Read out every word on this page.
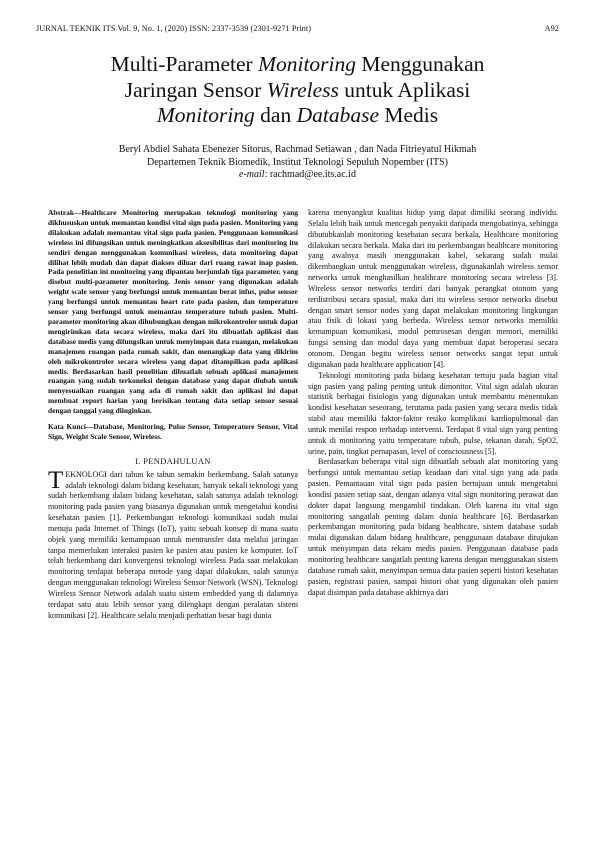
JURNAL TEKNIK ITS Vol. 9, No. 1, (2020) ISSN: 2337-3539 (2301-9271 Print)	A92
Multi-Parameter Monitoring Menggunakan
Jaringan Sensor Wireless untuk Aplikasi
Monitoring dan Database Medis
Beryl Abdiel Sahata Ebenezer Sitorus, Rachmad Setiawan , dan Nada Fitrieyatul Hikmah
Departemen Teknik Biomedik, Institut Teknologi Sepuluh Nopember (ITS)
e-mail: rachmad@ee.its.ac.id

Abstrak—Healthcare Monitoring merupakan teknologi monitoring yang dikhususkan untuk memantau kondisi vital sign pada pasien. Monitoring yang dilakukan adalah memantau vital sign pada pasien. Penggunaan komunikasi wireless ini difungsikan untuk meningkatkan aksesibilitas dari monitoring itu sendiri dengan menggunakan komunikasi wireless, data monitoring dapat dilihat lebih mudah dan dapat diakses diluar dari ruang rawat inap pasien. Pada penelitian ini monitoring yang dipantau berjumlah tiga parameter. yang disebut multi-parameter monitoring. Jenis sensor yang digunakan adalah weight scale sensor yang berfungsi untuk memantau berat infus, pulse sensor yang berfungsi untuk memantau heart rate pada pasien, dan temperature sensor yang berfungsi untuk memantau temperature tubuh pasien. Multi-parameter monitoring akan dihubungkan dengan mikrokontroler untuk dapat mengirimkan data secara wireless, maka dari itu dibuatlah aplikasi dan database medis yang difungsikan untuk menyimpan data ruangan, melakukan manajemen ruangan pada rumah sakit, dan menangkap data yang dikirim oleh mikrokontroler secara wireless yang dapat ditampilkan pada aplikasi medis. Berdasarkan hasil penelitian dibuatlah sebuah aplikasi manajemen ruangan yang sudah terkoneksi dengan database yang dapat diubah untuk menyesuaikan ruangan yang ada di rumah sakit dan aplikasi ini dapat membuat report harian yang berisikan tentang data setiap sensor sesuai dengan tanggal yang diinginkan.

Kata Kunci—Database, Monitoring, Pulse Sensor, Temperature Sensor, Vital Sign, Weight Scale Sensor, Wireless.

I. PENDAHULUAN

TEKNOLOGI dari tahun ke tahun semakin berkembang. Salah satunya adalah teknologi dalam bidang kesehatan, banyak sekali teknologi yang sudah berkembang dalam bidang kesehatan, salah satunya adalah teknologi monitoring pada pasien yang biasanya digunakan untuk mengetahui kondisi kesehatan pasien [1]. Perkembangan teknologi komunikasi sudah mulai menuju pada Internet of Things (IoT), yaitu sebuah konsep di mana suatu objek yang memiliki kemampuan untuk mentransfer data melalui jaringan tanpa memerlukan interaksi pasien ke pasien atau pasien ke komputer. IoT telah berkembang dari konvergensi teknologi wireless Pada saat melakukan monitoring terdapat beberapa metode yang dapat dilakukan, salah satunya dengan menggunakan teknologi Wireless Sensor Network (WSN). Teknologi Wireless Sensor Network adalah suatu sistem embedded yang di dalamnya terdapat satu atau lebih sensor yang dilengkapi dengan peralatan sistem komunikasi [2]. Healthcare selalu menjadi perhatian besar bagi dunia

karena menyangkut kualitas hidup yang dapat dimiliki seorang individu. Selalu lebih baik untuk mencegah penyakit daripada mengobatinya, sehingga dibutuhkanlah monitoring kesehatan secara berkala, Healthcare monitoring dilakukan secara berkala. Maka dari itu perkembangan healthcare monitoring yang awalnya masih menggunakan kabel, sekarang sudah mulai dikembangkan untuk menggunakan wireless, digunakanlah wireless sensor networks untuk menghasilkan healthcare monitoring secara wireless [3]. Wireless sensor networks terdiri dari banyak perangkat otonom yang terdistribusi secara spasial, maka dari itu wireless sensor networks disebut dengan smart sensor nodes yang dapat melakukan monitoring lingkungan atau fisik di lokasi yang berbeda. Wireless sensor networks memiliki kemampuan komunikasi, modul pemrosesan dengan memori, memiliki fungsi sensing dan modul daya yang membuat dapat beroperasi secara otonom. Dengan begitu wireless sensor networks sangat tepat untuk digunakan pada healthcare application [4].

Teknologi monitoring pada bidang kesehatan tertuju pada bagian vital sign pasien yang paling penting untuk dimonitor. Vital sign adalah ukuran statistik berbagai fisiologis yang digunakan untuk membantu menentukan kondisi kesehatan seseorang, terutama pada pasien yang secara medis tidak stabil atau memiliki faktor-faktor resiko komplikasi kardiopulmonal dan untuk menilai respon terhadap intervensi. Terdapat 8 vital sign yang penting untuk di monitoring yaitu temperature tubuh, pulse, tekanan darah, SpO2, urine, pain, tingkat pernapasan, level of consciousness [5].

Berdasarkan beberapa vital sign dibuatlah sebuah alat monitoring yang berfungsi untuk memantau setiap keadaan dari vital sign yang ada pada pasien. Pemantauan vital sign pada pasien bertujuan untuk mengetahui kondisi pasien setiap saat, dengan adanya vital sign monitoring perawat dan dokter dapat langsung mengambil tindakan. Oleh karena itu vital sign monitoring sangatlah penting dalam dunia healthcare [6]. Berdasarkan perkembangan monitoring pada bidang healthcare, sistem database sudah mulai digunakan dalam bidang healthcare, penggunaan database ditujukan untuk menyimpan data rekam medis pasien. Penggunaan database pada monitoring healthcare sangatlah penting karena dengan menggunakan sistem database rumah sakit, menyimpan semua data pasien seperti histori kesehatan pasien, registrasi pasien, sampai histori obat yang digunakan oleh pasien dapat disimpan pada database akhirnya dari
